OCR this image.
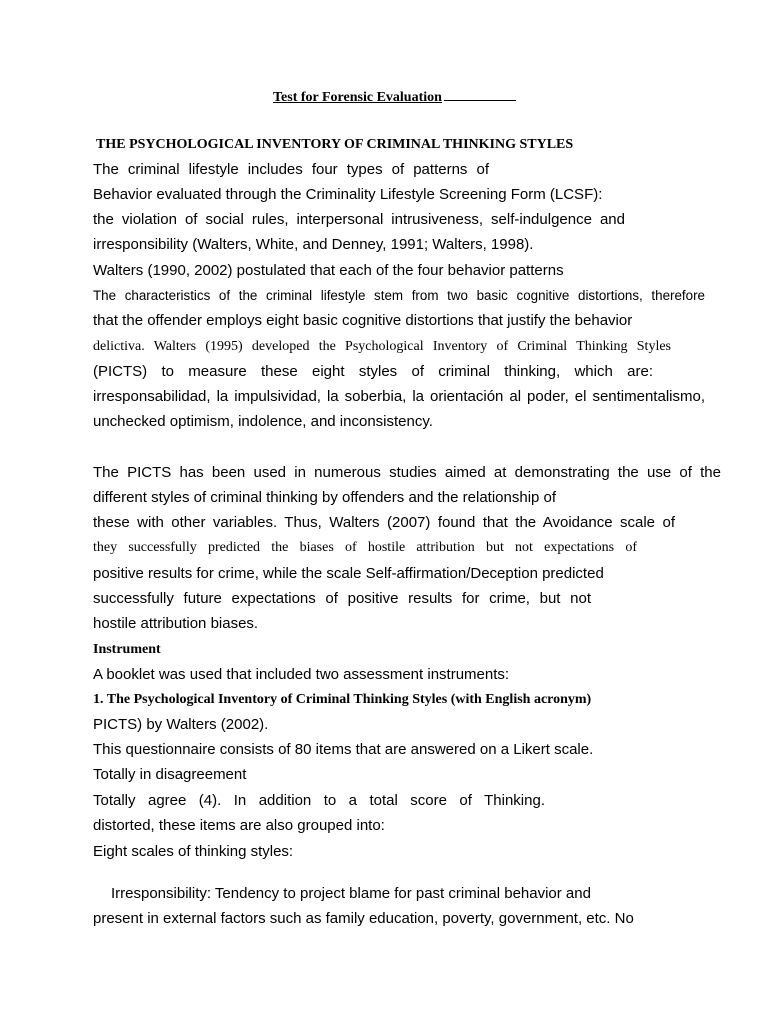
Test for Forensic Evaluation
THE PSYCHOLOGICAL INVENTORY OF CRIMINAL THINKING STYLES
The criminal lifestyle includes four types of patterns of
Behavior evaluated through the Criminality Lifestyle Screening Form (LCSF):
the violation of social rules, interpersonal intrusiveness, self-indulgence and
irresponsibility (Walters, White, and Denney, 1991; Walters, 1998).
Walters (1990, 2002) postulated that each of the four behavior patterns
The characteristics of the criminal lifestyle stem from two basic cognitive distortions, therefore
that the offender employs eight basic cognitive distortions that justify the behavior
delictiva. Walters (1995) developed the Psychological Inventory of Criminal Thinking Styles
(PICTS) to measure these eight styles of criminal thinking, which are:
irresponsabilidad, la impulsividad, la soberbia, la orientación al poder, el sentimentalismo,
unchecked optimism, indolence, and inconsistency.
The PICTS has been used in numerous studies aimed at demonstrating the use of the
different styles of criminal thinking by offenders and the relationship of
these with other variables. Thus, Walters (2007) found that the Avoidance scale of
they successfully predicted the biases of hostile attribution but not expectations of
positive results for crime, while the scale Self-affirmation/Deception predicted
successfully future expectations of positive results for crime, but not
hostile attribution biases.
Instrument
A booklet was used that included two assessment instruments:
1. The Psychological Inventory of Criminal Thinking Styles (with English acronym)
PICTS) by Walters (2002).
This questionnaire consists of 80 items that are answered on a Likert scale.
Totally in disagreement
Totally agree (4). In addition to a total score of Thinking.
distorted, these items are also grouped into:
Eight scales of thinking styles:
Irresponsibility: Tendency to project blame for past criminal behavior and
present in external factors such as family education, poverty, government, etc. No
